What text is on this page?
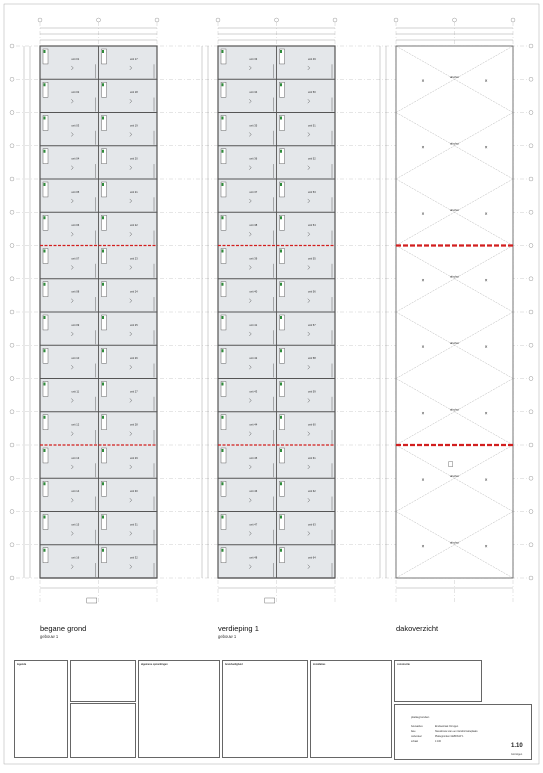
unit 01	unit 17
unit 02	unit 18
unit 03	unit 19
unit 04	unit 20
unit 05	unit 21
unit 06	unit 22
unit 07	unit 23
unit 08	unit 24
unit 09	unit 25
unit 10	unit 26
unit 11	unit 27
unit 12	unit 28
unit 13	unit 29
unit 14	unit 30
unit 15	unit 31
unit 16	unit 32
unit 33	unit 49
unit 34	unit 50
unit 35	unit 51
unit 36	unit 52
unit 37	unit 53
unit 38	unit 54
unit 39	unit 55
unit 40	unit 56
unit 41	unit 57
unit 42	unit 58
unit 43	unit 59
unit 44	unit 60
unit 45	unit 61
unit 46	unit 62
unit 47	unit 63
unit 48	unit 64
afschot
×	×
afschot
×	×
afschot
×	×
afschot
×	×
afschot
×	×
afschot
×	×
afschot
×	×
afschot
×	×
begane grond
gebouw 1
verdieping 1
gebouw 1
dakoverzicht
legenda	algemene opmerkingen	brandveiligheid	installaties	constructie
plattegronden
bouwadres	Eindsestraat Oorugen
fase	Nieuwbouw van een transformatieplaats
onderdeel	Plattegronden GEBOUW 1
schaal	1:100
1.10
Groningen
